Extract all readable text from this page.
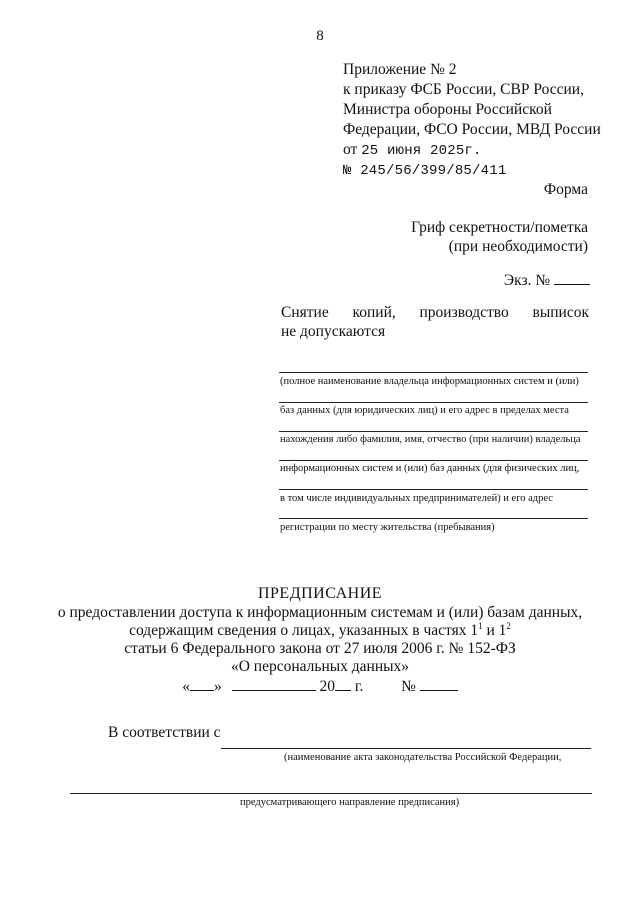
8
Приложение № 2
к приказу ФСБ России, СВР России,
Министра обороны Российской
Федерации, ФСО России, МВД России
от 25 июня 2025г.
№ 245/56/399/85/411
Форма
Гриф секретности/пометка
(при необходимости)
Экз. №
Снятие копий, производство выписок
не допускаются
(полное наименование владельца информационных систем и (или)
баз данных (для юридических лиц) и его адрес в пределах места
нахождения либо фамилия, имя, отчество (при наличии) владельца
информационных систем и (или) баз данных (для физических лиц,
в том числе индивидуальных предпринимателей) и его адрес
регистрации по месту жительства (пребывания)
ПРЕДПИСАНИЕ
о предоставлении доступа к информационным системам и (или) базам данных,
содержащим сведения о лицах, указанных в частях $1^1$ и $1^2$
статьи 6 Федерального закона от 27 июля 2006 г. № 152-ФЗ
«О персональных данных»
« »	20 г. №
В соответствии с
(наименование акта законодательства Российской Федерации,
предусматривающего направление предписания)
